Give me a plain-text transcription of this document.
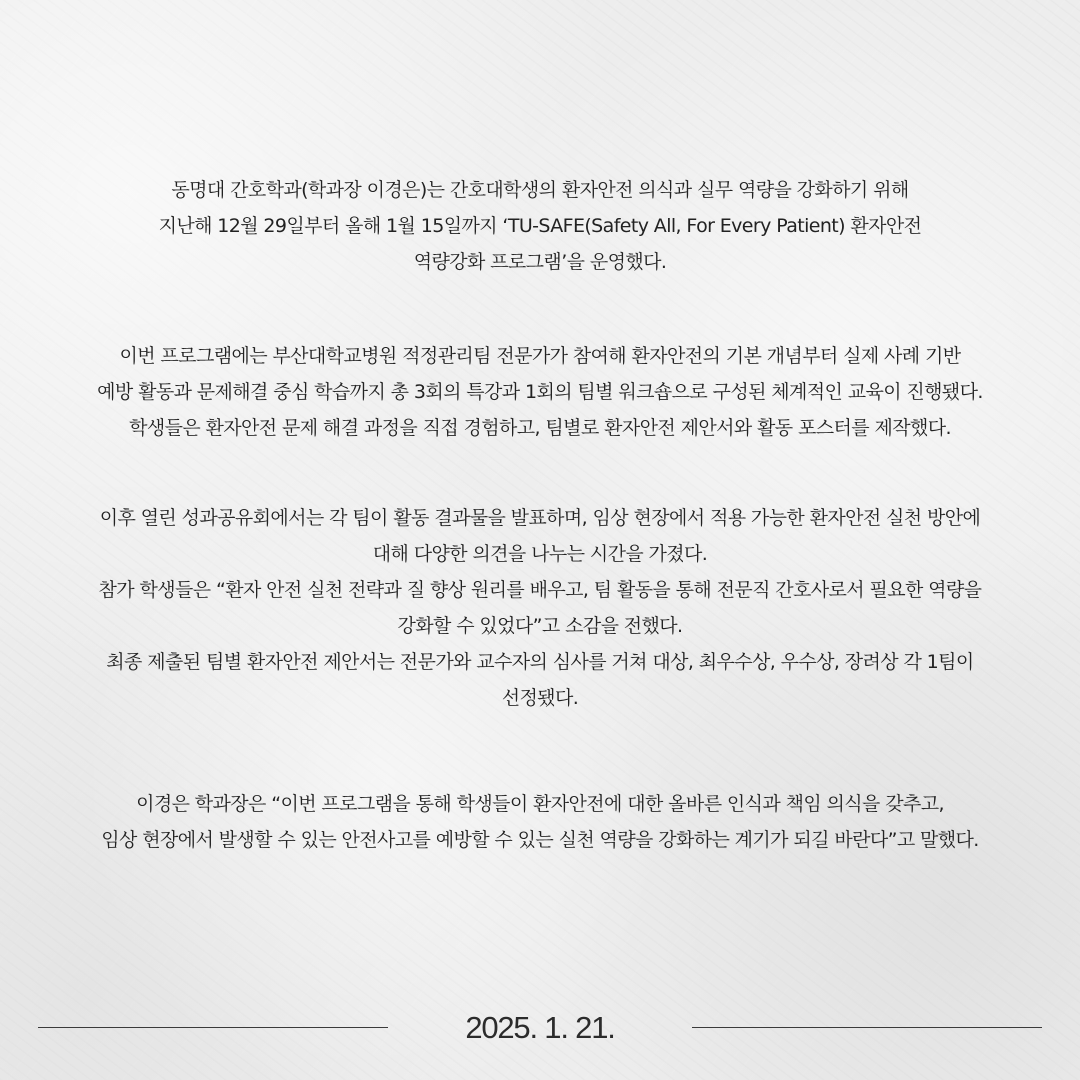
동명대 간호학과(학과장 이경은)는 간호대학생의 환자안전 의식과 실무 역량을 강화하기 위해
지난해 12월 29일부터 올해 1월 15일까지 ‘TU-SAFE(Safety All, For Every Patient) 환자안전
역량강화 프로그램’을 운영했다.
이번 프로그램에는 부산대학교병원 적정관리팀 전문가가 참여해 환자안전의 기본 개념부터 실제 사례 기반
예방 활동과 문제해결 중심 학습까지 총 3회의 특강과 1회의 팀별 워크숍으로 구성된 체계적인 교육이 진행됐다.
학생들은 환자안전 문제 해결 과정을 직접 경험하고, 팀별로 환자안전 제안서와 활동 포스터를 제작했다.
이후 열린 성과공유회에서는 각 팀이 활동 결과물을 발표하며, 임상 현장에서 적용 가능한 환자안전 실천 방안에
대해 다양한 의견을 나누는 시간을 가졌다.
참가 학생들은 “환자 안전 실천 전략과 질 향상 원리를 배우고, 팀 활동을 통해 전문직 간호사로서 필요한 역량을
강화할 수 있었다”고 소감을 전했다.
최종 제출된 팀별 환자안전 제안서는 전문가와 교수자의 심사를 거쳐 대상, 최우수상, 우수상, 장려상 각 1팀이
선정됐다.
이경은 학과장은 “이번 프로그램을 통해 학생들이 환자안전에 대한 올바른 인식과 책임 의식을 갖추고,
임상 현장에서 발생할 수 있는 안전사고를 예방할 수 있는 실천 역량을 강화하는 계기가 되길 바란다”고 말했다.
2025. 1. 21.
